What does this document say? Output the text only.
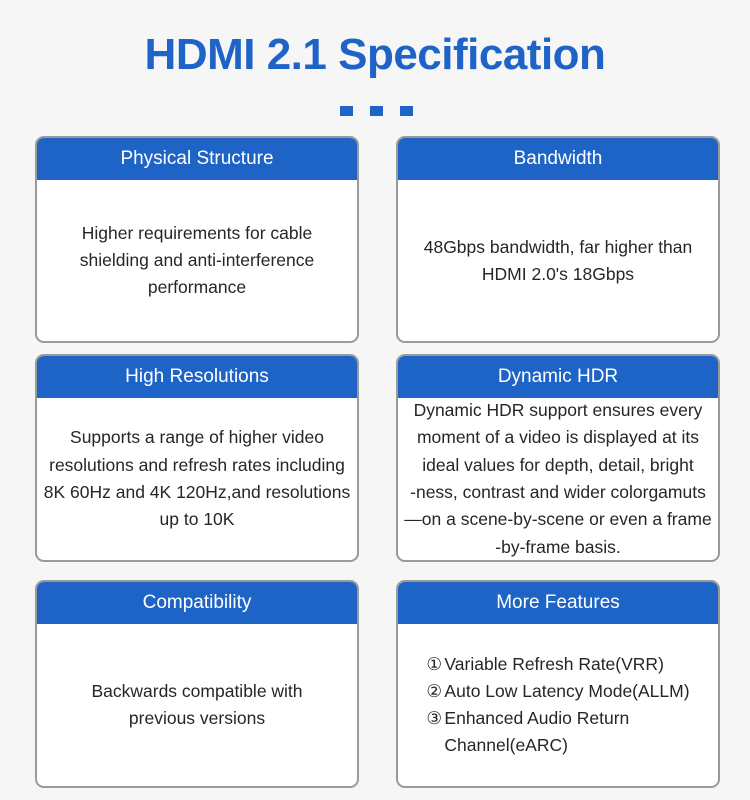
HDMI 2.1 Specification
Physical Structure
Higher requirements for cable
shielding and anti-interference
performance
Bandwidth
48Gbps bandwidth, far higher than
HDMI 2.0's 18Gbps
High Resolutions
Supports a range of higher video
resolutions and refresh rates including
8K 60Hz and 4K 120Hz,and resolutions
up to 10K
Dynamic HDR
Dynamic HDR support ensures every
moment of a video is displayed at its
ideal values for depth, detail, bright
-ness, contrast and wider colorgamuts
—on a scene-by-scene or even a frame
-by-frame basis.
Compatibility
Backwards compatible with
previous versions
More Features
① Variable Refresh Rate(VRR)
② Auto Low Latency Mode(ALLM)
③ Enhanced Audio Return
Channel(eARC)
